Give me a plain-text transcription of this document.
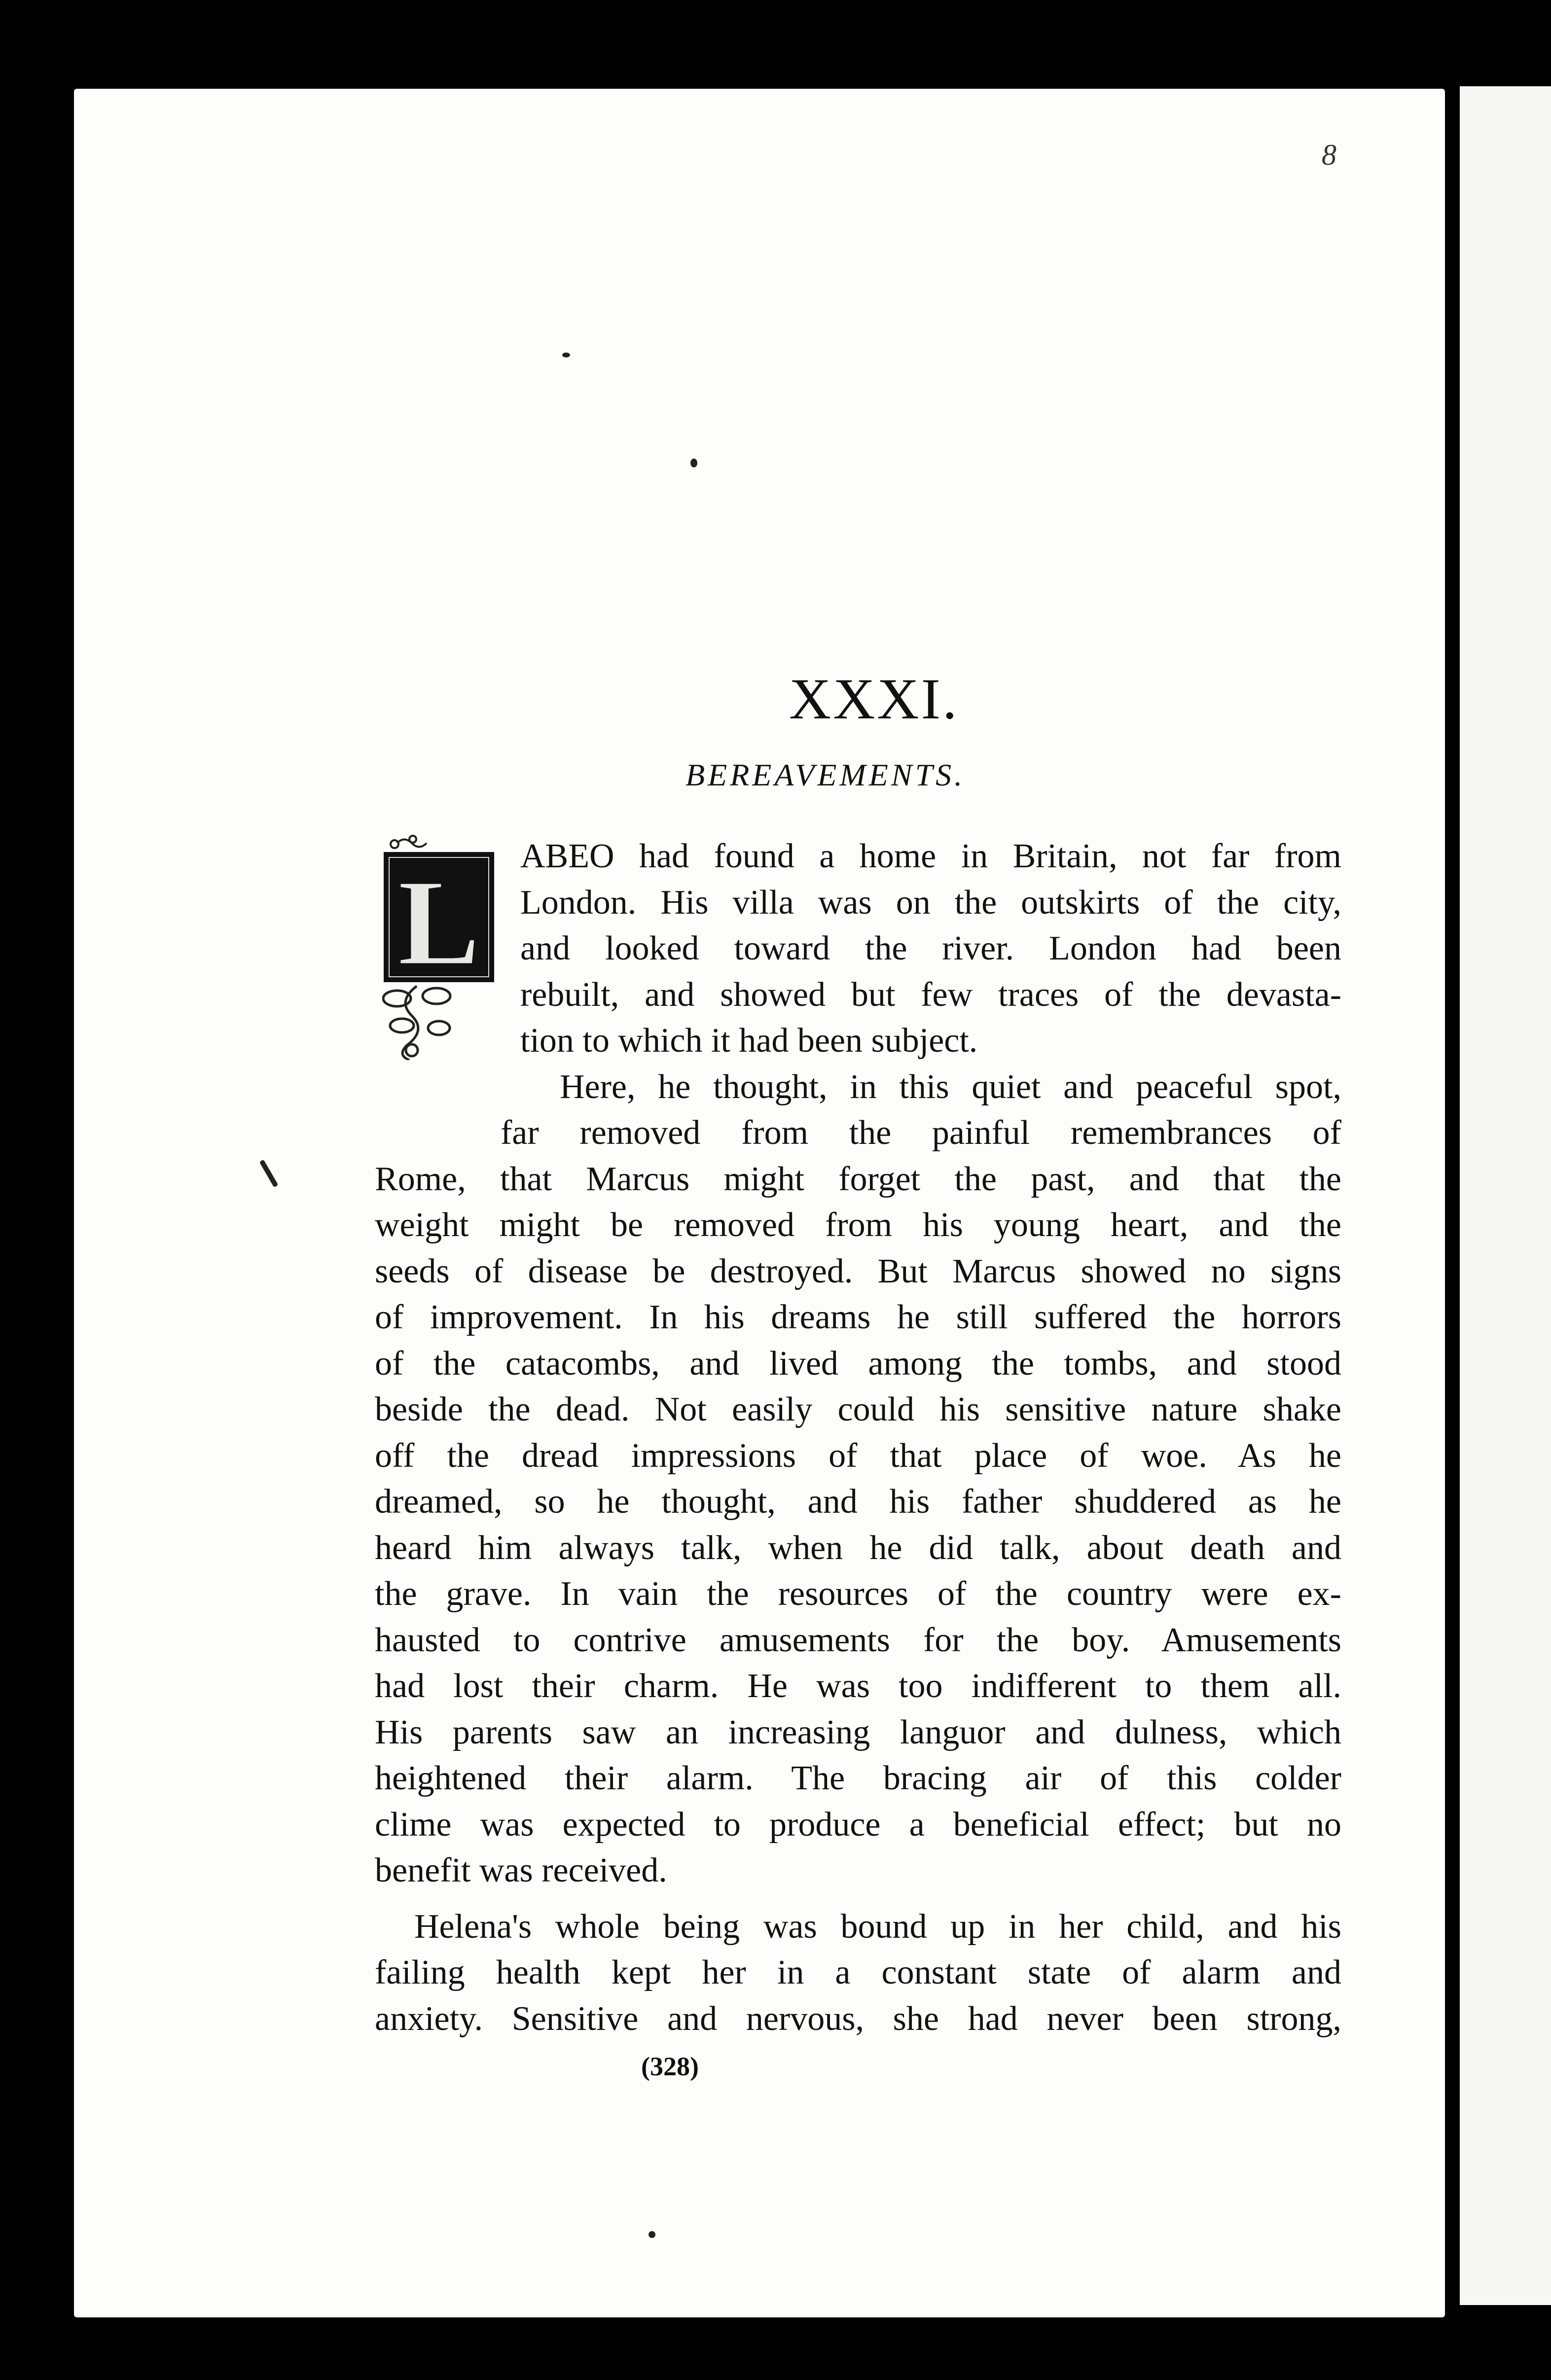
8
XXXI.
BEREAVEMENTS.
L ABEO had found a home in Britain, not far from
London. His villa was on the outskirts of the city,
and looked toward the river. London had been
rebuilt, and showed but few traces of the devasta-
tion to which it had been subject.
Here, he thought, in this quiet and peaceful spot,
far removed from the painful remembrances of
Rome, that Marcus might forget the past, and that the
weight might be removed from his young heart, and the
seeds of disease be destroyed. But Marcus showed no signs
of improvement. In his dreams he still suffered the horrors
of the catacombs, and lived among the tombs, and stood
beside the dead. Not easily could his sensitive nature shake
off the dread impressions of that place of woe. As he
dreamed, so he thought, and his father shuddered as he
heard him always talk, when he did talk, about death and
the grave. In vain the resources of the country were ex-
hausted to contrive amusements for the boy. Amusements
had lost their charm. He was too indifferent to them all.
His parents saw an increasing languor and dulness, which
heightened their alarm. The bracing air of this colder
clime was expected to produce a beneficial effect; but no
benefit was received.
Helena's whole being was bound up in her child, and his
failing health kept her in a constant state of alarm and
anxiety. Sensitive and nervous, she had never been strong,
(328)
